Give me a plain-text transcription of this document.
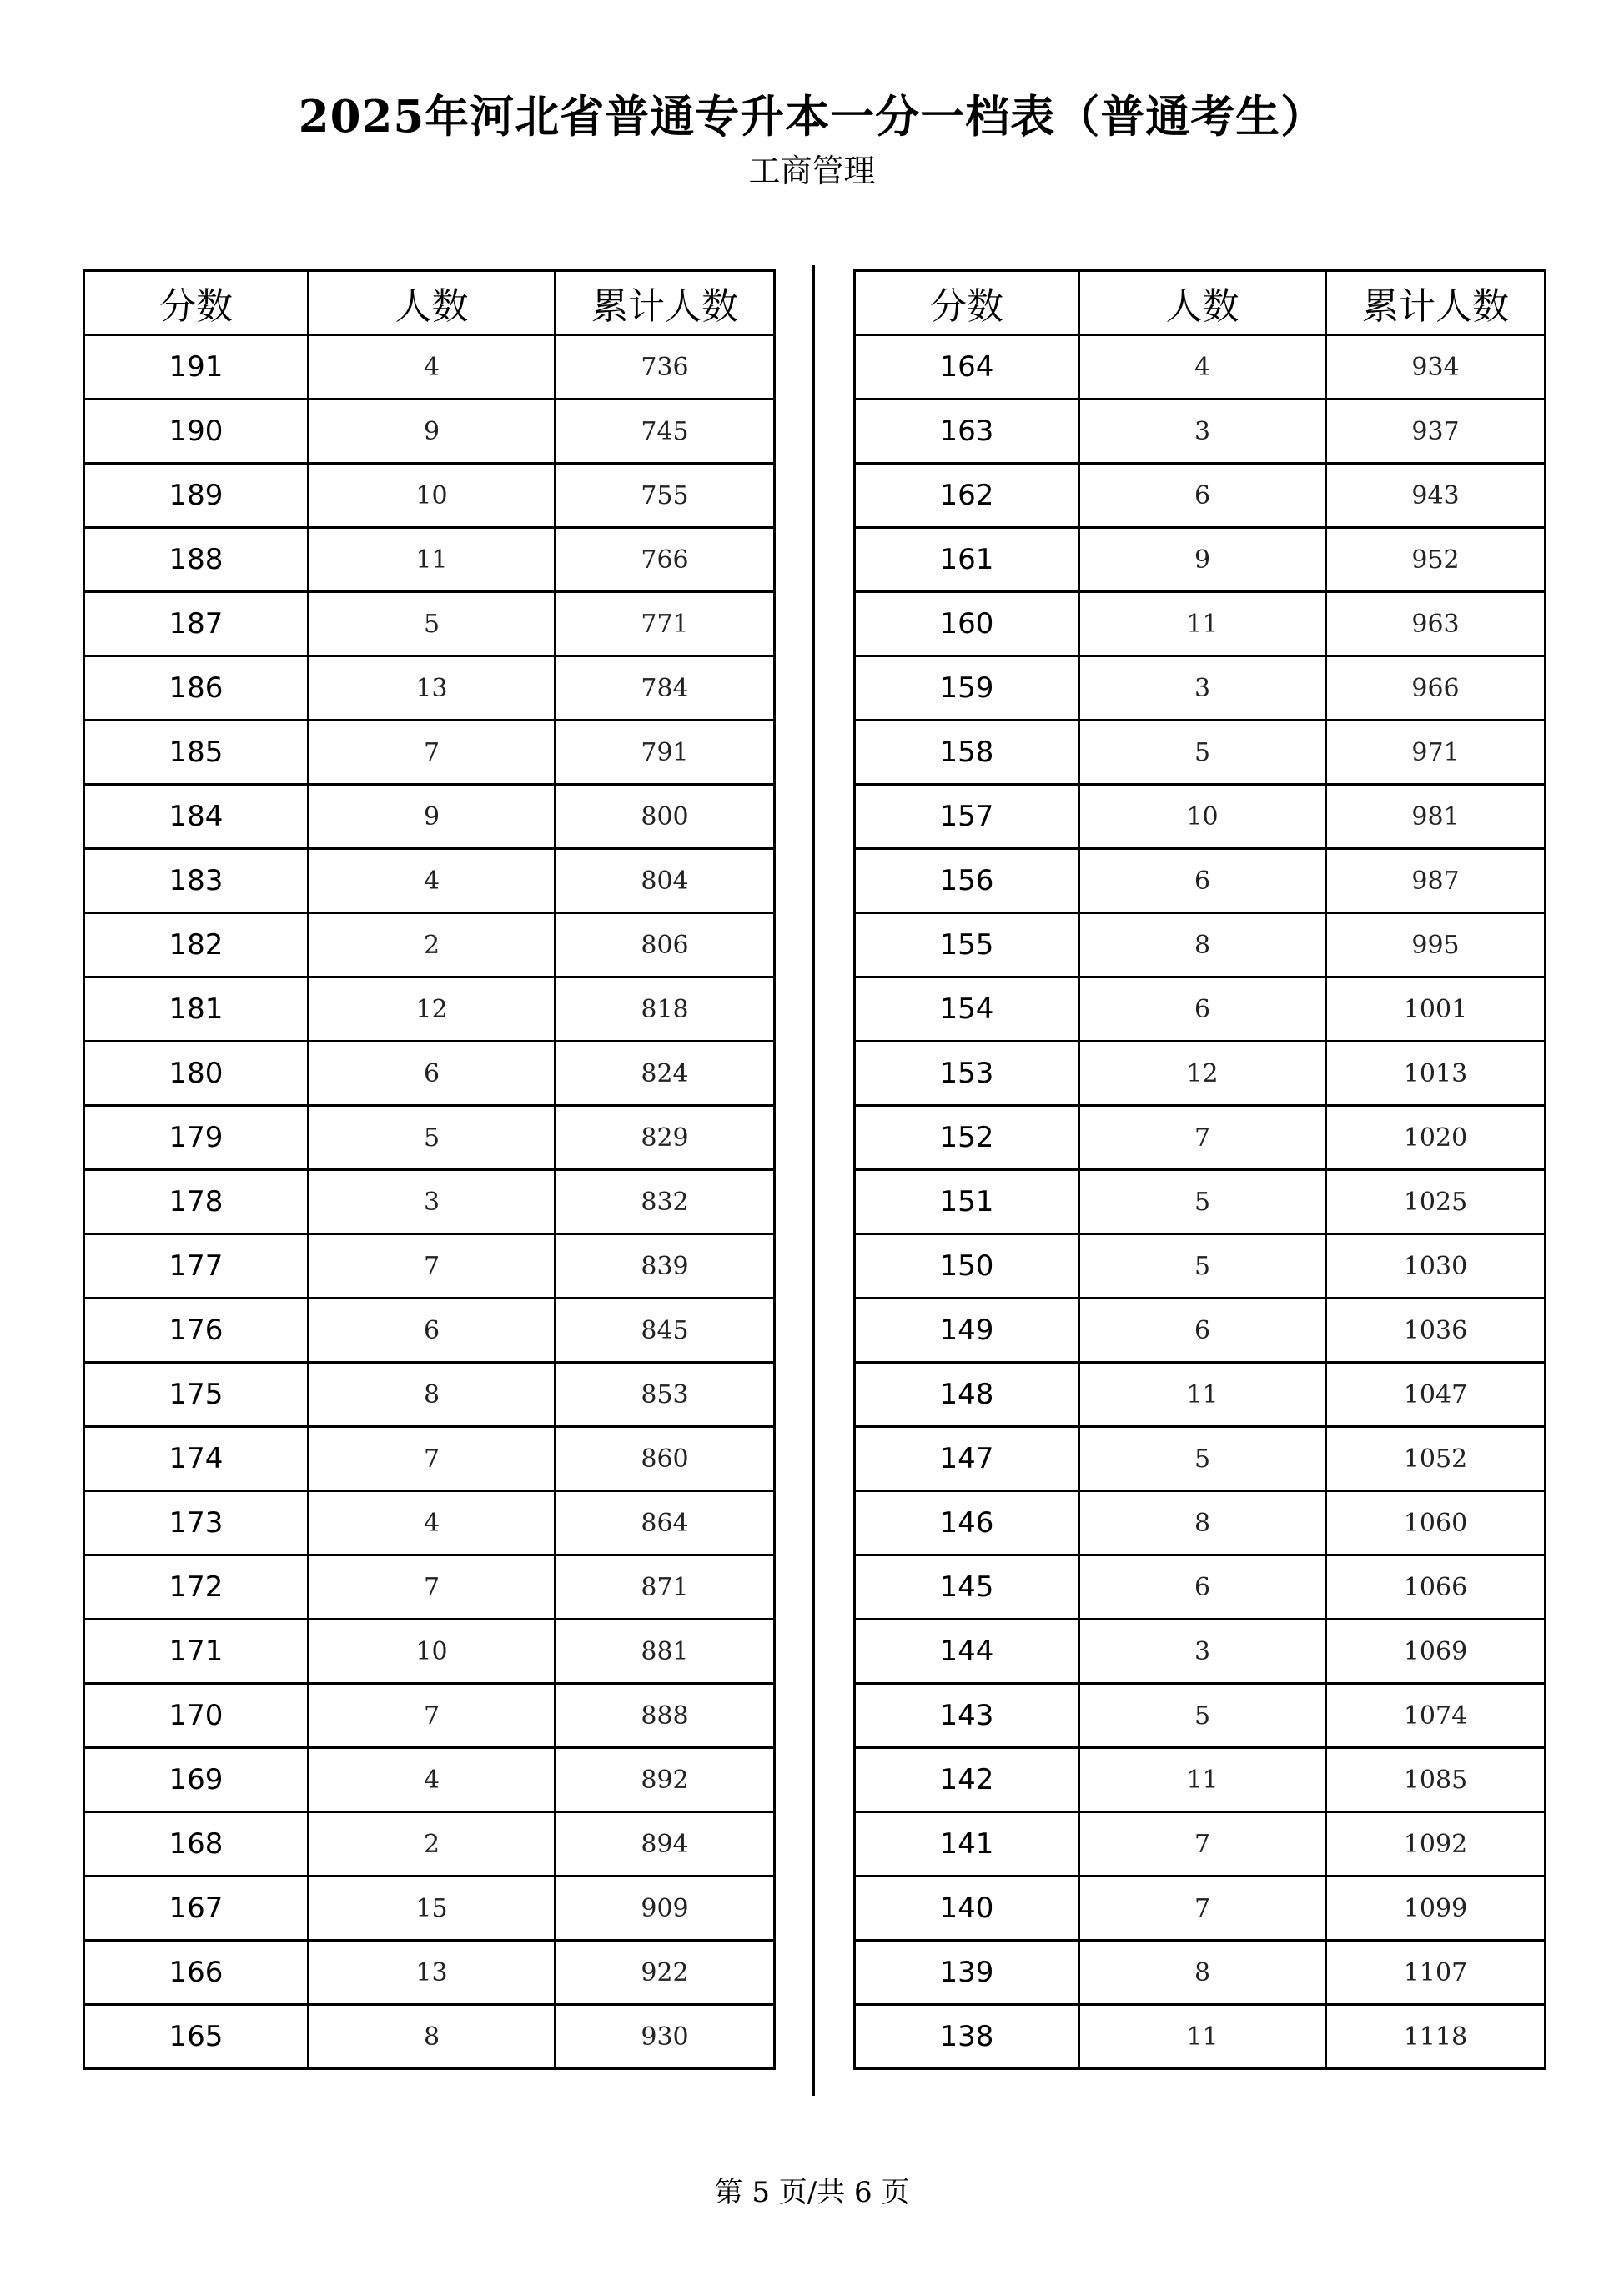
2025年河北省普通专升本一分一档表（普通考生）
工商管理
分数	人数	累计人数
191	4	736
190	9	745
189	10	755
188	11	766
187	5	771
186	13	784
185	7	791
184	9	800
183	4	804
182	2	806
181	12	818
180	6	824
179	5	829
178	3	832
177	7	839
176	6	845
175	8	853
174	7	860
173	4	864
172	7	871
171	10	881
170	7	888
169	4	892
168	2	894
167	15	909
166	13	922
165	8	930
分数	人数	累计人数
164	4	934
163	3	937
162	6	943
161	9	952
160	11	963
159	3	966
158	5	971
157	10	981
156	6	987
155	8	995
154	6	1001
153	12	1013
152	7	1020
151	5	1025
150	5	1030
149	6	1036
148	11	1047
147	5	1052
146	8	1060
145	6	1066
144	3	1069
143	5	1074
142	11	1085
141	7	1092
140	7	1099
139	8	1107
138	11	1118
第 5 页/共 6 页
